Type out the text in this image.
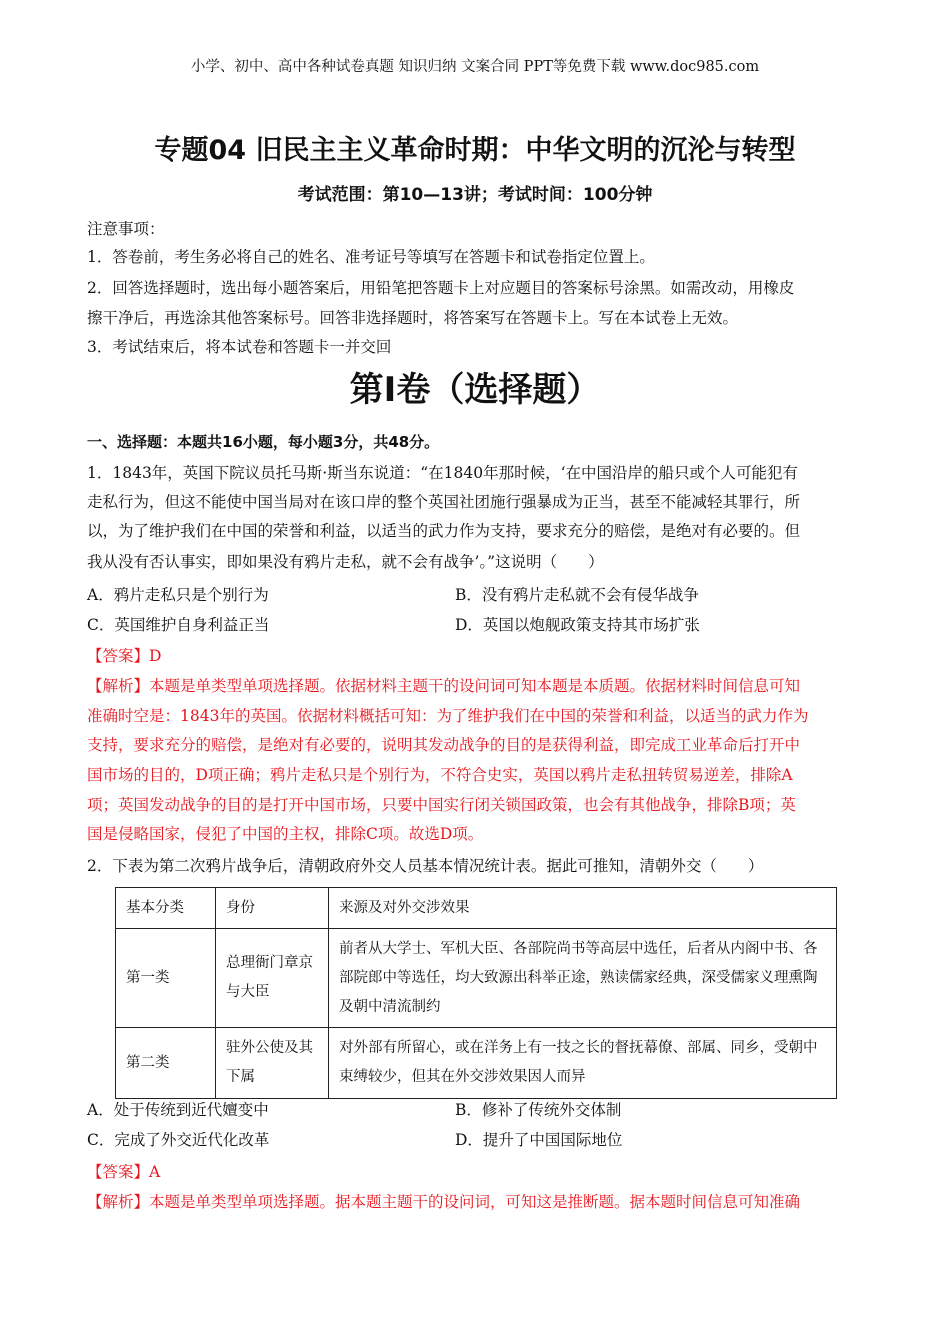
小学、初中、高中各种试卷真题 知识归纳 文案合同 PPT等免费下载 www.doc985.com
专题04 旧民主主义革命时期：中华文明的沉沦与转型
考试范围：第10—13讲；考试时间：100分钟
注意事项：
1．答卷前，考生务必将自己的姓名、准考证号等填写在答题卡和试卷指定位置上。
2．回答选择题时，选出每小题答案后，用铅笔把答题卡上对应题目的答案标号涂黑。如需改动，用橡皮
擦干净后，再选涂其他答案标号。回答非选择题时，将答案写在答题卡上。写在本试卷上无效。
3．考试结束后，将本试卷和答题卡一并交回
第I卷（选择题）
一、选择题：本题共16小题，每小题3分，共48分。
1．1843年，英国下院议员托马斯·斯当东说道：“在1840年那时候，‘在中国沿岸的船只或个人可能犯有
走私行为，但这不能使中国当局对在该口岸的整个英国社团施行强暴成为正当，甚至不能减轻其罪行，所
以，为了维护我们在中国的荣誉和利益，以适当的武力作为支持，要求充分的赔偿，是绝对有必要的。但
我从没有否认事实，即如果没有鸦片走私，就不会有战争’。”这说明（　　）
A．鸦片走私只是个别行为	B．没有鸦片走私就不会有侵华战争
C．英国维护自身利益正当	D．英国以炮舰政策支持其市场扩张
【答案】D
【解析】本题是单类型单项选择题。依据材料主题干的设问词可知本题是本质题。依据材料时间信息可知
准确时空是：1843年的英国。依据材料概括可知：为了维护我们在中国的荣誉和利益，以适当的武力作为
支持，要求充分的赔偿，是绝对有必要的，说明其发动战争的目的是获得利益，即完成工业革命后打开中
国市场的目的，D项正确；鸦片走私只是个别行为，不符合史实，英国以鸦片走私扭转贸易逆差，排除A
项；英国发动战争的目的是打开中国市场，只要中国实行闭关锁国政策，也会有其他战争，排除B项；英
国是侵略国家，侵犯了中国的主权，排除C项。故选D项。
2．下表为第二次鸦片战争后，清朝政府外交人员基本情况统计表。据此可推知，清朝外交（　　）
基本分类	身份	来源及对外交涉效果
第一类	总理衙门章京与大臣	前者从大学士、军机大臣、各部院尚书等高层中选任，后者从内阁中书、各部院郎中等选任，均大致源出科举正途，熟读儒家经典，深受儒家义理熏陶及朝中清流制约
第二类	驻外公使及其下属	对外部有所留心，或在洋务上有一技之长的督抚幕僚、部属、同乡，受朝中束缚较少，但其在外交涉效果因人而异
A．处于传统到近代嬗变中	B．修补了传统外交体制
C．完成了外交近代化改革	D．提升了中国国际地位
【答案】A
【解析】本题是单类型单项选择题。据本题主题干的设问词，可知这是推断题。据本题时间信息可知准确
